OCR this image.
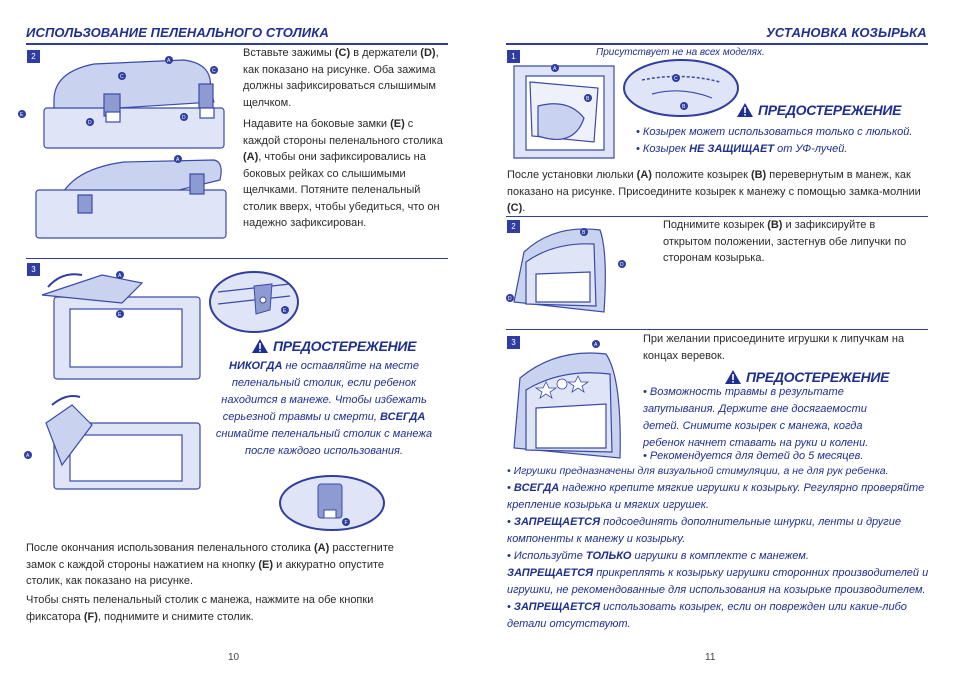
ИСПОЛЬЗОВАНИЕ ПЕЛЕНАЛЬНОГО СТОЛИКА
2	A
C
C
E
D
D
A
Вставьте зажимы (C) в держатели (D), как показано на рисунке. Оба зажима должны зафиксироваться слышимым щелчком.
Надавите на боковые замки (E) с каждой стороны пеленального столика (A), чтобы они зафиксировались на боковых рейках со слышимыми щелчками. Потяните пеленальный столик вверх, чтобы убедиться, что он надежно зафиксирован.
3
A
E
A
E
ПРЕДОСТЕРЕЖЕНИЕ
НИКОГДА не оставляйте на месте пеленальный столик, если ребенок находится в манеже. Чтобы избежать серьезной травмы и смерти, ВСЕГДА снимайте пеленальный столик с манежа после каждого использования.
F
После окончания использования пеленального столика (A) расстегните замок с каждой стороны нажатием на кнопку (E) и аккуратно опустите столик, как показано на рисунке.
Чтобы снять пеленальный столик с манежа, нажмите на обе кнопки фиксатора (F), поднимите и снимите столик.
10
УСТАНОВКА КОЗЫРЬКА
1	Присутствует не на всех моделях.
A
B
C
B	ПРЕДОСТЕРЕЖЕНИЕ
• Козырек может использоваться только с люлькой.
• Козырек НЕ ЗАЩИЩАЕТ от УФ-лучей.
После установки люльки (A) положите козырек (B) перевернутым в манеж, как показано на рисунке. Присоедините козырек к манежу с помощью замка-молнии (C).
2
B
D
D
Поднимите козырек (B) и зафиксируйте в открытом положении, застегнув обе липучки по сторонам козырька.
3	A	При желании присоедините игрушки к липучкам на концах веревок.
ПРЕДОСТЕРЕЖЕНИЕ
• Возможность травмы в результате запутывания. Держите вне досягаемости детей. Снимите козырек с манежа, когда ребенок начнет ставать на руки и колени.
• Рекомендуется для детей до 5 месяцев.
• Игрушки предназначены для визуальной стимуляции, а не для рук ребенка.
• ВСЕГДА надежно крепите мягкие игрушки к козырьку. Регулярно проверяйте крепление козырька и мягких игрушек.
• ЗАПРЕЩАЕТСЯ подсоединять дополнительные шнурки, ленты и другие компоненты к манежу и козырьку.
• Используйте ТОЛЬКО игрушки в комплекте с манежем.
ЗАПРЕЩАЕТСЯ прикреплять к козырьку игрушки сторонних производителей и игрушки, не рекомендованные для использования на козырьке производителем.
• ЗАПРЕЩАЕТСЯ использовать козырек, если он поврежден или какие-либо детали отсутствуют.
11
